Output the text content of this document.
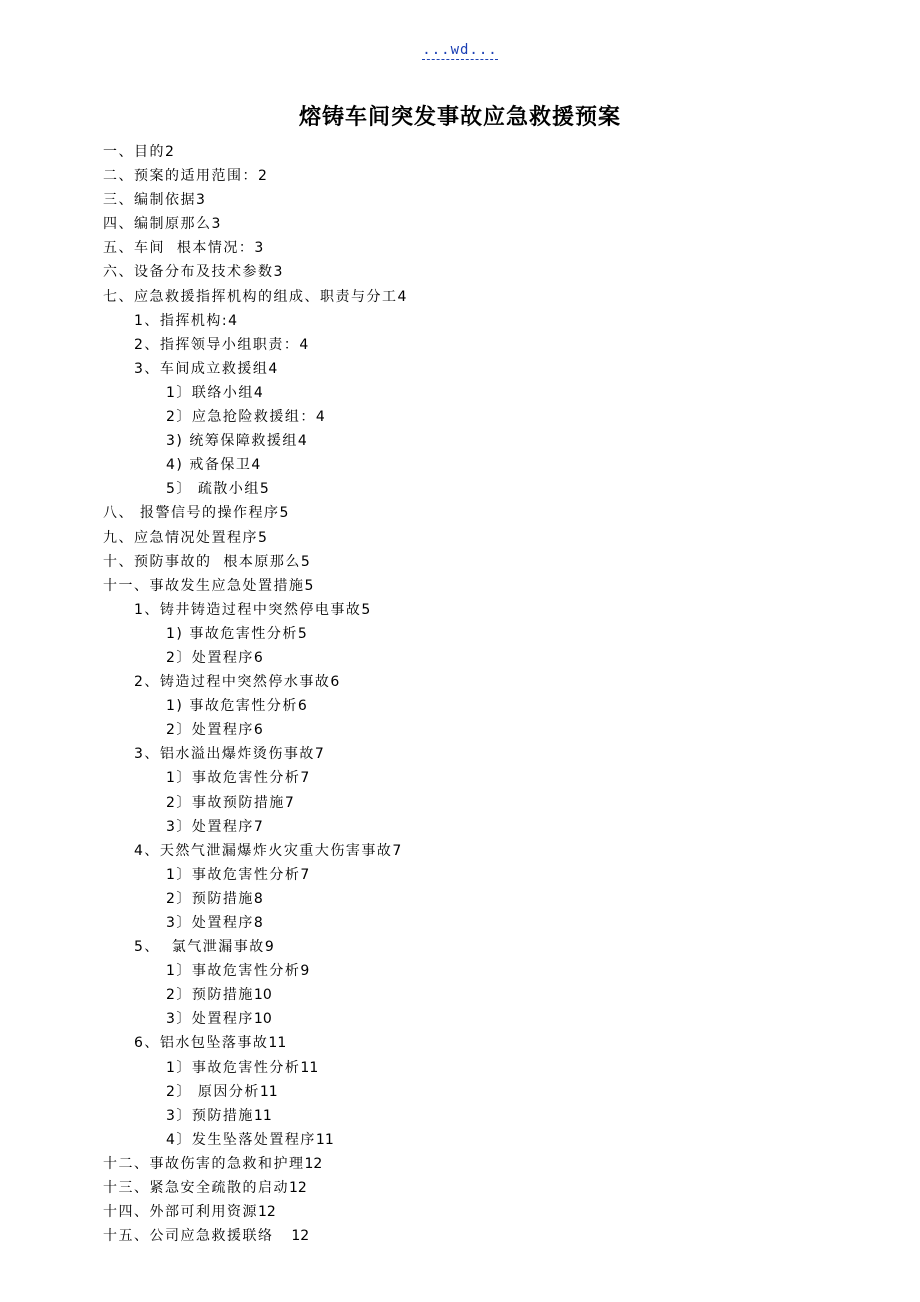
...wd...
熔铸车间突发事故应急救援预案
一、目的2
二、预案的适用范围：2
三、编制依据3
四、编制原那么3
五、车间  根本情况：3
六、设备分布及技术参数3
七、应急救援指挥机构的组成、职责与分工4
1、指挥机构:4
2、指挥领导小组职责：4
3、车间成立救援组4
1〕联络小组4
2〕应急抢险救援组：4
3) 统筹保障救援组4
4) 戒备保卫4
5〕 疏散小组5
八、 报警信号的操作程序5
九、应急情况处置程序5
十、预防事故的  根本原那么5
十一、事故发生应急处置措施5
1、铸井铸造过程中突然停电事故5
1) 事故危害性分析5
2〕处置程序6
2、铸造过程中突然停水事故6
1) 事故危害性分析6
2〕处置程序6
3、铝水溢出爆炸烫伤事故7
1〕事故危害性分析7
2〕事故预防措施7
3〕处置程序7
4、天然气泄漏爆炸火灾重大伤害事故7
1〕事故危害性分析7
2〕预防措施8
3〕处置程序8
5、  氯气泄漏事故9
1〕事故危害性分析9
2〕预防措施10
3〕处置程序10
6、铝水包坠落事故11
1〕事故危害性分析11
2〕 原因分析11
3〕预防措施11
4〕发生坠落处置程序11
十二、事故伤害的急救和护理12
十三、紧急安全疏散的启动12
十四、外部可利用资源12
十五、公司应急救援联络   12
